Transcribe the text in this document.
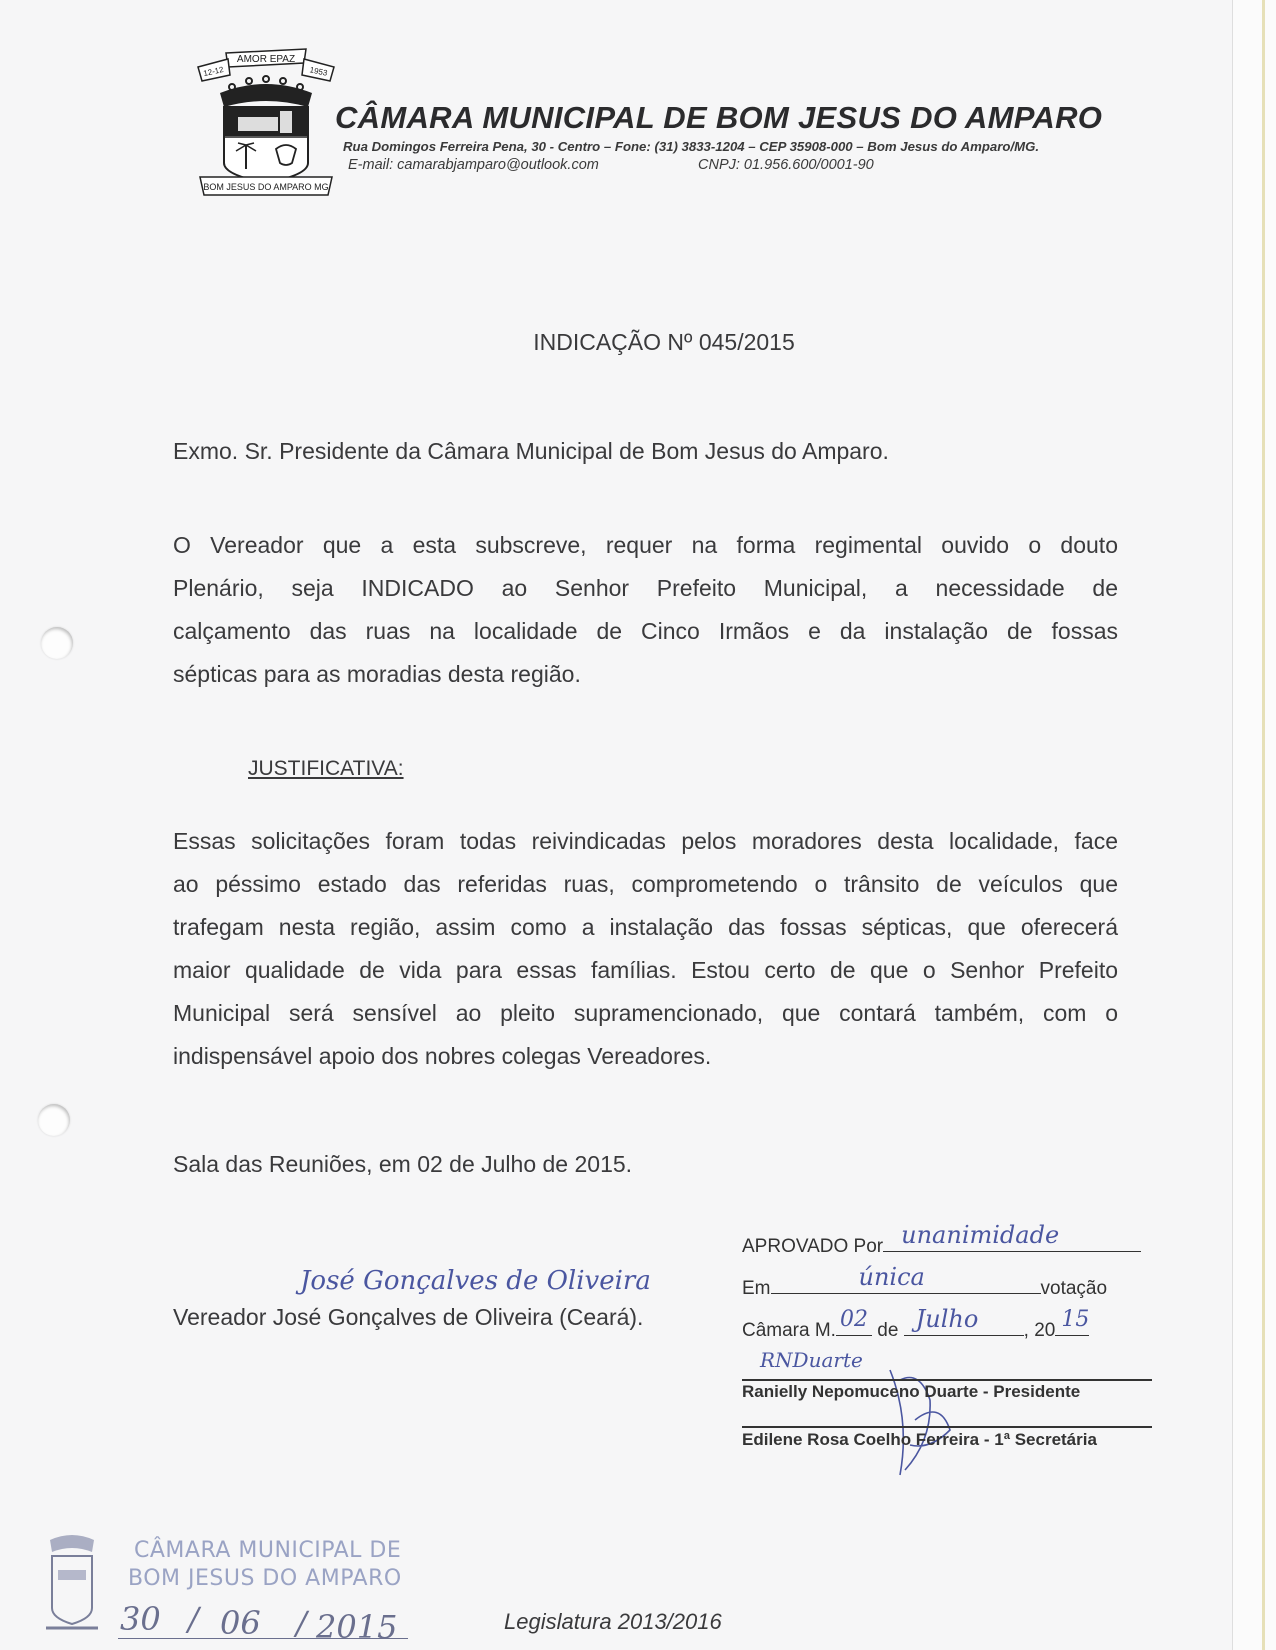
AMOR EPAZ
12-12	1953
BOM JESUS DO AMPARO MG
CÂMARA MUNICIPAL DE BOM JESUS DO AMPARO
Rua Domingos Ferreira Pena, 30 - Centro – Fone: (31) 3833-1204 – CEP 35908-000 – Bom Jesus do Amparo/MG.
E-mail: camarabjamparo@outlook.com	CNPJ: 01.956.600/0001-90
INDICAÇÃO Nº 045/2015
Exmo. Sr. Presidente da Câmara Municipal de Bom Jesus do Amparo.
O Vereador que a esta subscreve, requer na forma regimental ouvido o douto
Plenário, seja INDICADO ao Senhor Prefeito Municipal, a necessidade de
calçamento das ruas na localidade de Cinco Irmãos e da instalação de fossas
sépticas para as moradias desta região.
JUSTIFICATIVA:
Essas solicitações foram todas reivindicadas pelos moradores desta localidade, face
ao péssimo estado das referidas ruas, comprometendo o trânsito de veículos que
trafegam nesta região, assim como a instalação das fossas sépticas, que oferecerá
maior qualidade de vida para essas famílias. Estou certo de que o Senhor Prefeito
Municipal será sensível ao pleito supramencionado, que contará também, com o
indispensável apoio dos nobres colegas Vereadores.
Sala das Reuniões, em 02 de Julho de 2015.
José Gonçalves de Oliveira
Vereador José Gonçalves de Oliveira (Ceará).
APROVADO Por unanimidade
Em	única	votação
Câmara M. 02 de Julho , 20 15
RNDuarte
Ranielly Nepomuceno Duarte - Presidente
Edilene Rosa Coelho Ferreira - 1ª Secretária
CÂMARA MUNICIPAL DE
BOM JESUS DO AMPARO
30 / 06 / 2015	Legislatura 2013/2016
